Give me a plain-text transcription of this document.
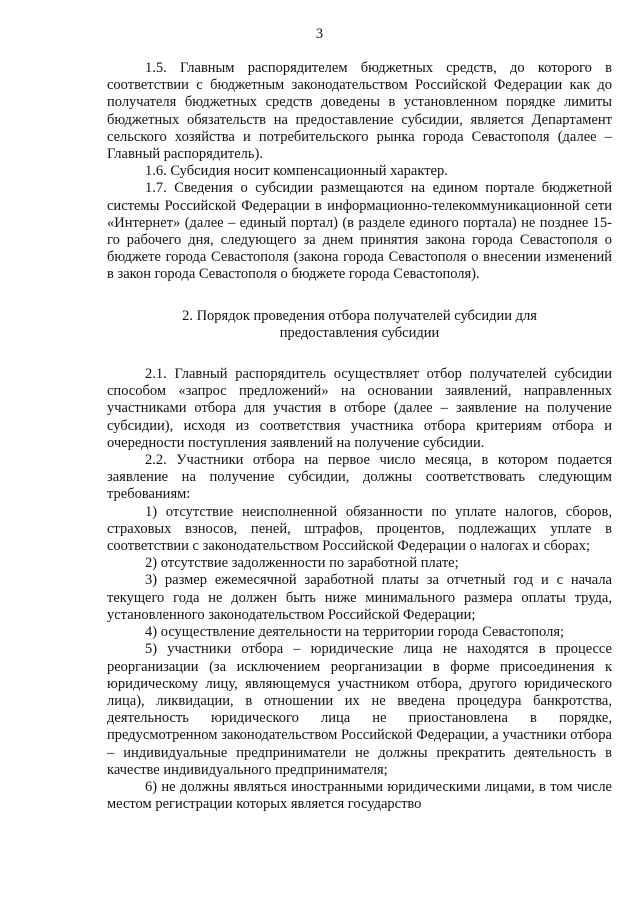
3

1.5. Главным распорядителем бюджетных средств, до которого в соответствии с бюджетным законодательством Российской Федерации как до получателя бюджетных средств доведены в установленном порядке лимиты бюджетных обязательств на предоставление субсидии, является Департамент сельского хозяйства и потребительского рынка города Севастополя (далее – Главный распорядитель).

1.6. Субсидия носит компенсационный характер.

1.7. Сведения о субсидии размещаются на едином портале бюджетной системы Российской Федерации в информационно-телекоммуникационной сети «Интернет» (далее – единый портал) (в разделе единого портала) не позднее 15-го рабочего дня, следующего за днем принятия закона города Севастополя о бюджете города Севастополя (закона города Севастополя о внесении изменений в закон города Севастополя о бюджете города Севастополя).

2. Порядок проведения отбора получателей субсидии для
предоставления субсидии

2.1. Главный распорядитель осуществляет отбор получателей субсидии способом «запрос предложений» на основании заявлений, направленных участниками отбора для участия в отборе (далее – заявление на получение субсидии), исходя из соответствия участника отбора критериям отбора и очередности поступления заявлений на получение субсидии.

2.2. Участники отбора на первое число месяца, в котором подается заявление на получение субсидии, должны соответствовать следующим требованиям:

1) отсутствие неисполненной обязанности по уплате налогов, сборов, страховых взносов, пеней, штрафов, процентов, подлежащих уплате в соответствии с законодательством Российской Федерации о налогах и сборах;

2) отсутствие задолженности по заработной плате;

3) размер ежемесячной заработной платы за отчетный год и с начала текущего года не должен быть ниже минимального размера оплаты труда, установленного законодательством Российской Федерации;

4) осуществление деятельности на территории города Севастополя;

5) участники отбора – юридические лица не находятся в процессе реорганизации (за исключением реорганизации в форме присоединения к юридическому лицу, являющемуся участником отбора, другого юридического лица), ликвидации, в отношении их не введена процедура банкротства, деятельность юридического лица не приостановлена в порядке, предусмотренном законодательством Российской Федерации, а участники отбора – индивидуальные предприниматели не должны прекратить деятельность в качестве индивидуального предпринимателя;

6) не должны являться иностранными юридическими лицами, в том числе местом регистрации которых является государство
